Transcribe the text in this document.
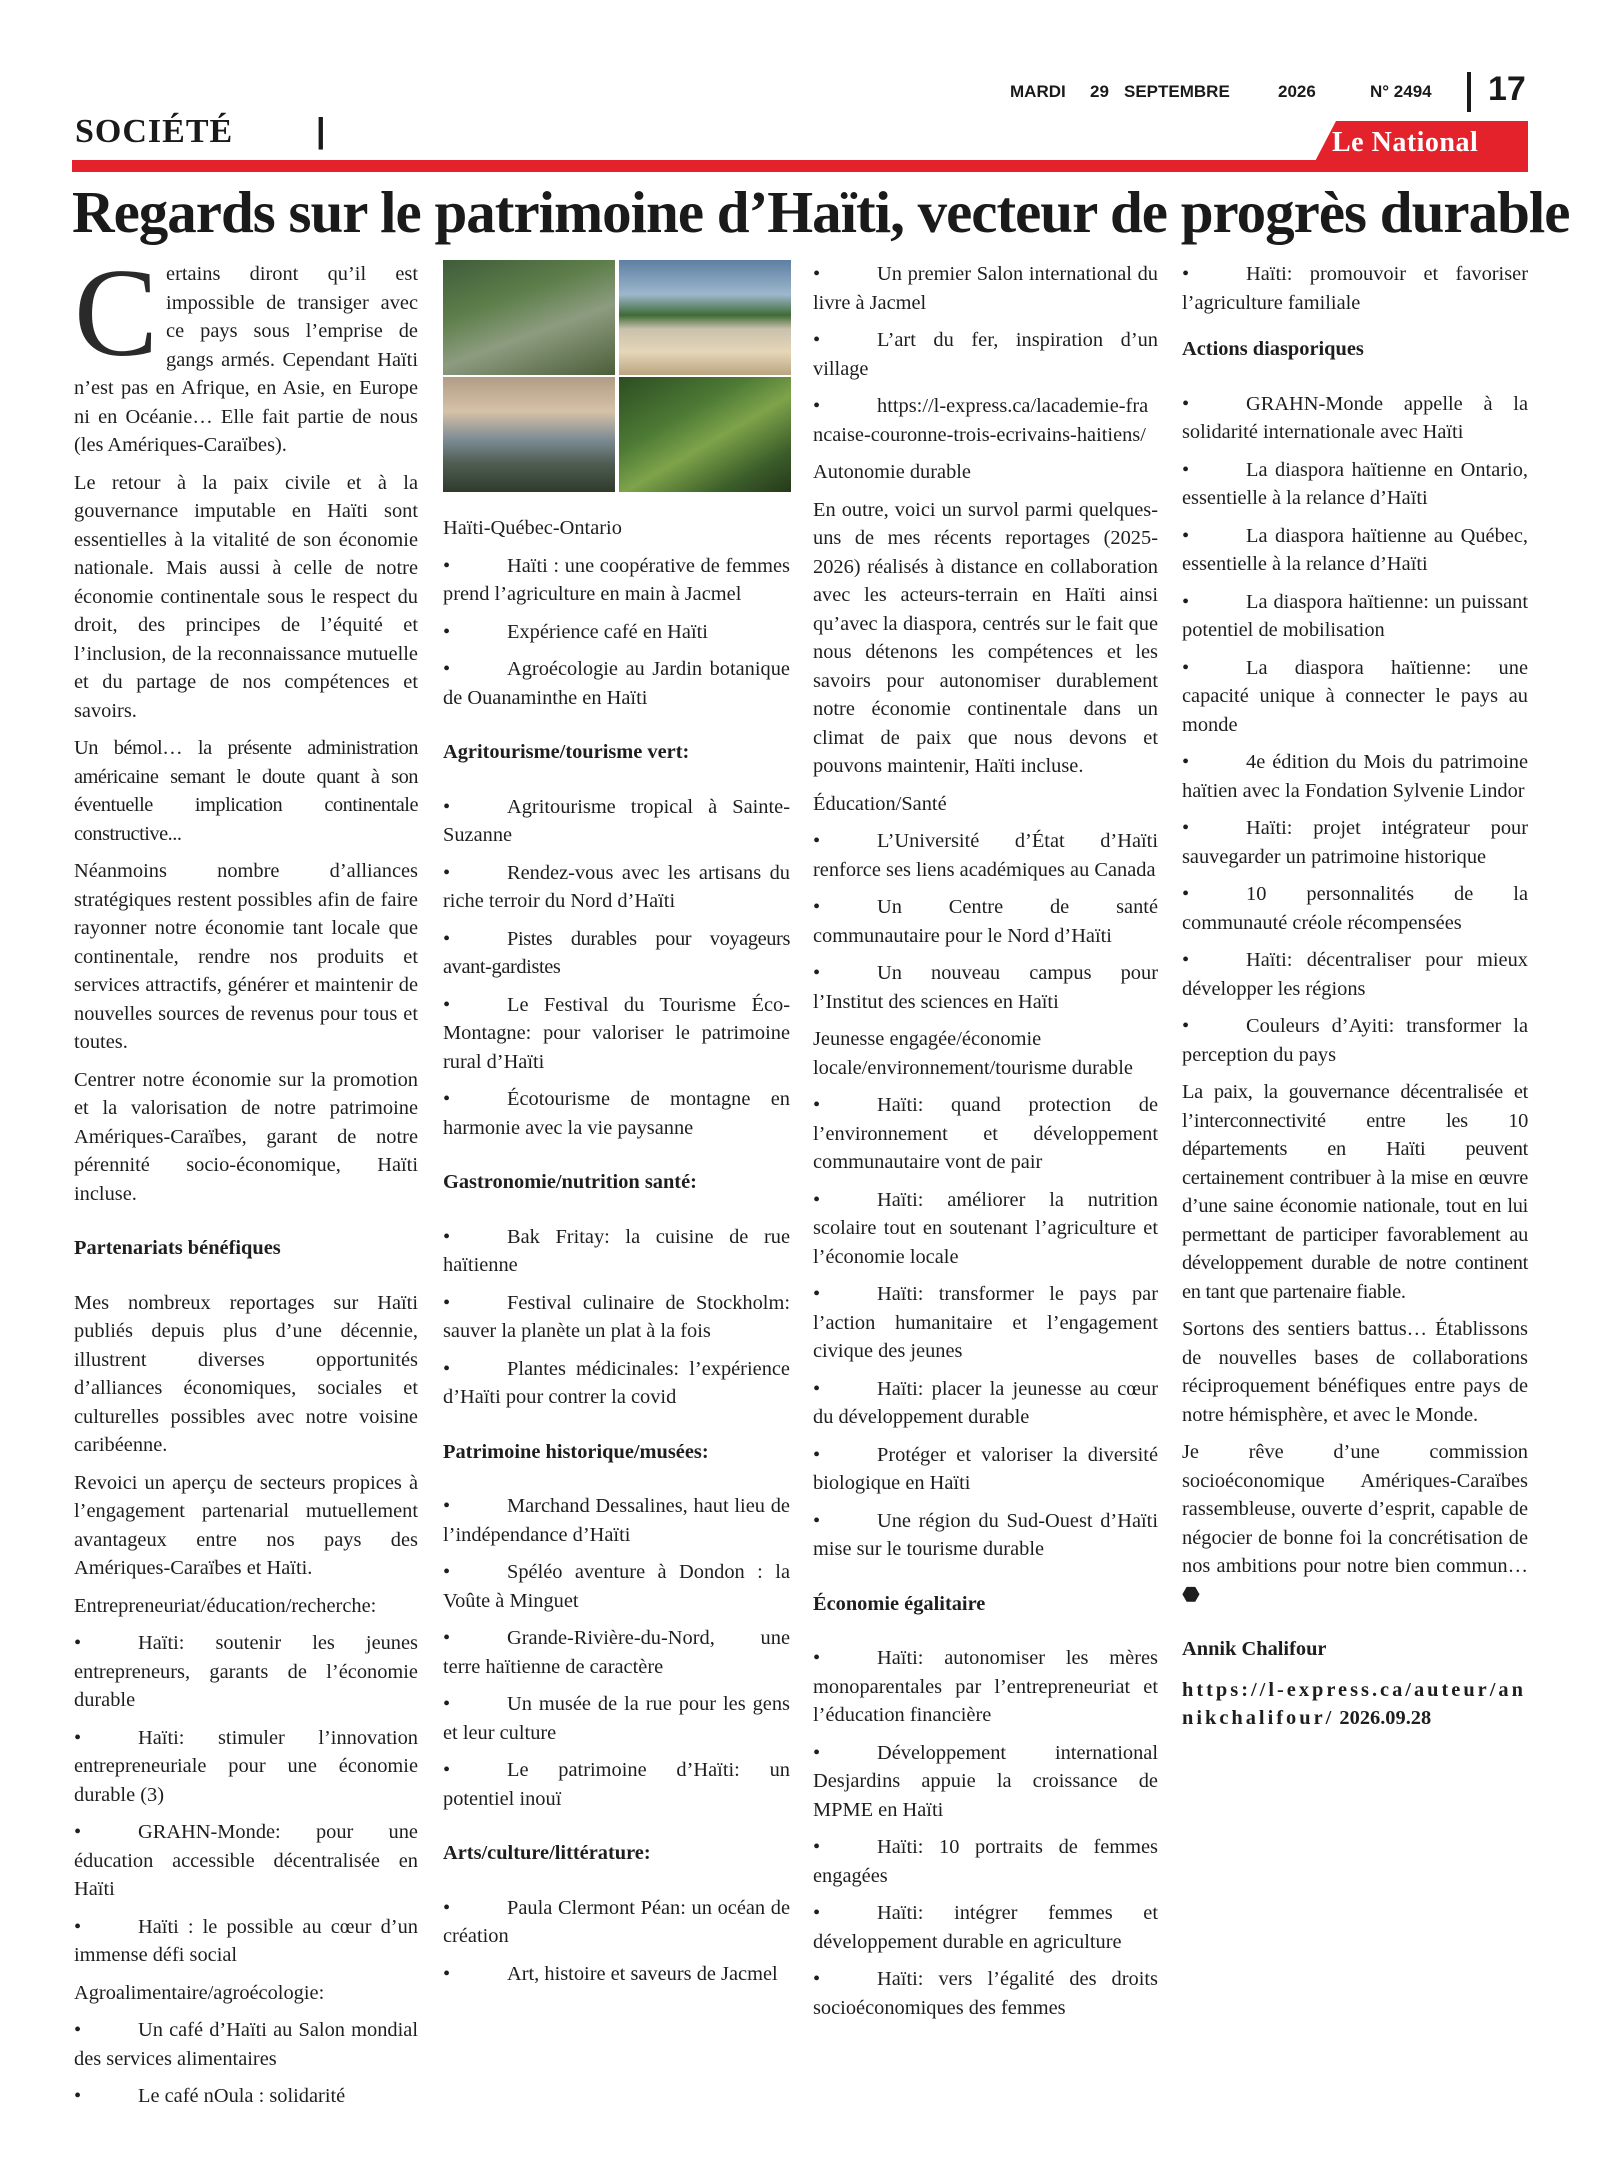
MARDI 29 SEPTEMBRE	2026	N° 2494 17
SOCIÉTÉ |	Le National
Regards sur le patrimoine d’Haïti, vecteur de progrès durable

Certains diront qu’il est impossible de transiger avec ce pays sous l’emprise de gangs armés. Cependant Haïti n’est pas en Afrique, en Asie, en Europe ni en Océanie… Elle fait partie de nous (les Amériques-Caraïbes).

Le retour à la paix civile et à la gouvernance imputable en Haïti sont essentielles à la vitalité de son économie nationale. Mais aussi à celle de notre économie continentale sous le respect du droit, des principes de l’équité et l’inclusion, de la reconnaissance mutuelle et du partage de nos compétences et savoirs.

Un bémol… la présente administration américaine semant le doute quant à son éventuelle implication continentale constructive...

Néanmoins nombre d’alliances stratégiques restent possibles afin de faire rayonner notre économie tant locale que continentale, rendre nos produits et services attractifs, générer et maintenir de nouvelles sources de revenus pour tous et toutes.

Centrer notre économie sur la promotion et la valorisation de notre patrimoine Amériques-Caraïbes, garant de notre pérennité socio-économique, Haïti incluse.

Partenariats bénéfiques

Mes nombreux reportages sur Haïti publiés depuis plus d’une décennie, illustrent diverses opportunités d’alliances économiques, sociales et culturelles possibles avec notre voisine caribéenne.

Revoici un aperçu de secteurs propices à l’engagement partenarial mutuellement avantageux entre nos pays des Amériques-Caraïbes et Haïti.

Entrepreneuriat/éducation/recherche:

•	Haïti: soutenir les jeunes entrepreneurs, garants de l’économie durable
•	Haïti: stimuler l’innovation entrepreneuriale pour une économie durable (3)
•	GRAHN-Monde: pour une éducation accessible décentralisée en Haïti
•	Haïti : le possible au cœur d’un immense défi social

Agroalimentaire/agroécologie:

•	Un café d’Haïti au Salon mondial des services alimentaires
•	Le café nOula : solidarité

Haïti-Québec-Ontario

•	Haïti : une coopérative de femmes prend l’agriculture en main à Jacmel
•	Expérience café en Haïti
•	Agroécologie au Jardin botanique de Ouanaminthe en Haïti

Agritourisme/tourisme vert:

•	Agritourisme tropical à Sainte-Suzanne
•	Rendez-vous avec les artisans du riche terroir du Nord d’Haïti
•	Pistes durables pour voyageurs avant-gardistes
•	Le Festival du Tourisme Éco-Montagne: pour valoriser le patrimoine rural d’Haïti
•	Écotourisme de montagne en harmonie avec la vie paysanne

Gastronomie/nutrition santé:

•	Bak Fritay: la cuisine de rue haïtienne
•	Festival culinaire de Stockholm: sauver la planète un plat à la fois
•	Plantes médicinales: l’expérience d’Haïti pour contrer la covid

Patrimoine historique/musées:

•	Marchand Dessalines, haut lieu de l’indépendance d’Haïti
•	Spéléo aventure à Dondon : la Voûte à Minguet
•	Grande-Rivière-du-Nord, une terre haïtienne de caractère
•	Un musée de la rue pour les gens et leur culture
•	Le patrimoine d’Haïti: un potentiel inouï

Arts/culture/littérature:

•	Paula Clermont Péan: un océan de création
•	Art, histoire et saveurs de Jacmel
•	Un premier Salon international du livre à Jacmel
•	L’art du fer, inspiration d’un village
•	https://l-express.ca/lacademie-francaise-couronne-trois-ecrivains-haitiens/

Autonomie durable

En outre, voici un survol parmi quelques-uns de mes récents reportages (2025-2026) réalisés à distance en collaboration avec les acteurs-terrain en Haïti ainsi qu’avec la diaspora, centrés sur le fait que nous détenons les compétences et les savoirs pour autonomiser durablement notre économie continentale dans un climat de paix que nous devons et pouvons maintenir, Haïti incluse.

Éducation/Santé

•	L’Université d’État d’Haïti renforce ses liens académiques au Canada
•	Un Centre de santé communautaire pour le Nord d’Haïti
•	Un nouveau campus pour l’Institut des sciences en Haïti

Jeunesse engagée/économie locale/environnement/tourisme durable

•	Haïti: quand protection de l’environnement et développement communautaire vont de pair
•	Haïti: améliorer la nutrition scolaire tout en soutenant l’agriculture et l’économie locale
•	Haïti: transformer le pays par l’action humanitaire et l’engagement civique des jeunes
•	Haïti: placer la jeunesse au cœur du développement durable
•	Protéger et valoriser la diversité biologique en Haïti
•	Une région du Sud-Ouest d’Haïti mise sur le tourisme durable

Économie égalitaire

•	Haïti: autonomiser les mères monoparentales par l’entrepreneuriat et l’éducation financière
•	Développement international Desjardins appuie la croissance de MPME en Haïti
•	Haïti: 10 portraits de femmes engagées
•	Haïti: intégrer femmes et développement durable en agriculture
•	Haïti: vers l’égalité des droits socioéconomiques des femmes
•	Haïti: promouvoir et favoriser l’agriculture familiale

Actions diasporiques

•	GRAHN-Monde appelle à la solidarité internationale avec Haïti
•	La diaspora haïtienne en Ontario, essentielle à la relance d’Haïti
•	La diaspora haïtienne au Québec, essentielle à la relance d’Haïti
•	La diaspora haïtienne: un puissant potentiel de mobilisation
•	La diaspora haïtienne: une capacité unique à connecter le pays au monde
•	4e édition du Mois du patrimoine haïtien avec la Fondation Sylvenie Lindor
•	Haïti: projet intégrateur pour sauvegarder un patrimoine historique
•	10 personnalités de la communauté créole récompensées
•	Haïti: décentraliser pour mieux développer les régions
•	Couleurs d’Ayiti: transformer la perception du pays

La paix, la gouvernance décentralisée et l’interconnectivité entre les 10 départements en Haïti peuvent certainement contribuer à la mise en œuvre d’une saine économie nationale, tout en lui permettant de participer favorablement au développement durable de notre continent en tant que partenaire fiable.

Sortons des sentiers battus… Établissons de nouvelles bases de collaborations réciproquement bénéfiques entre pays de notre hémisphère, et avec le Monde.

Je rêve d’une commission socioéconomique Amériques-Caraïbes rassembleuse, ouverte d’esprit, capable de négocier de bonne foi la concrétisation de nos ambitions pour notre bien commun…⬣

Annik Chalifour

https://l-express.ca/auteur/annikchalifour/ 2026.09.28
